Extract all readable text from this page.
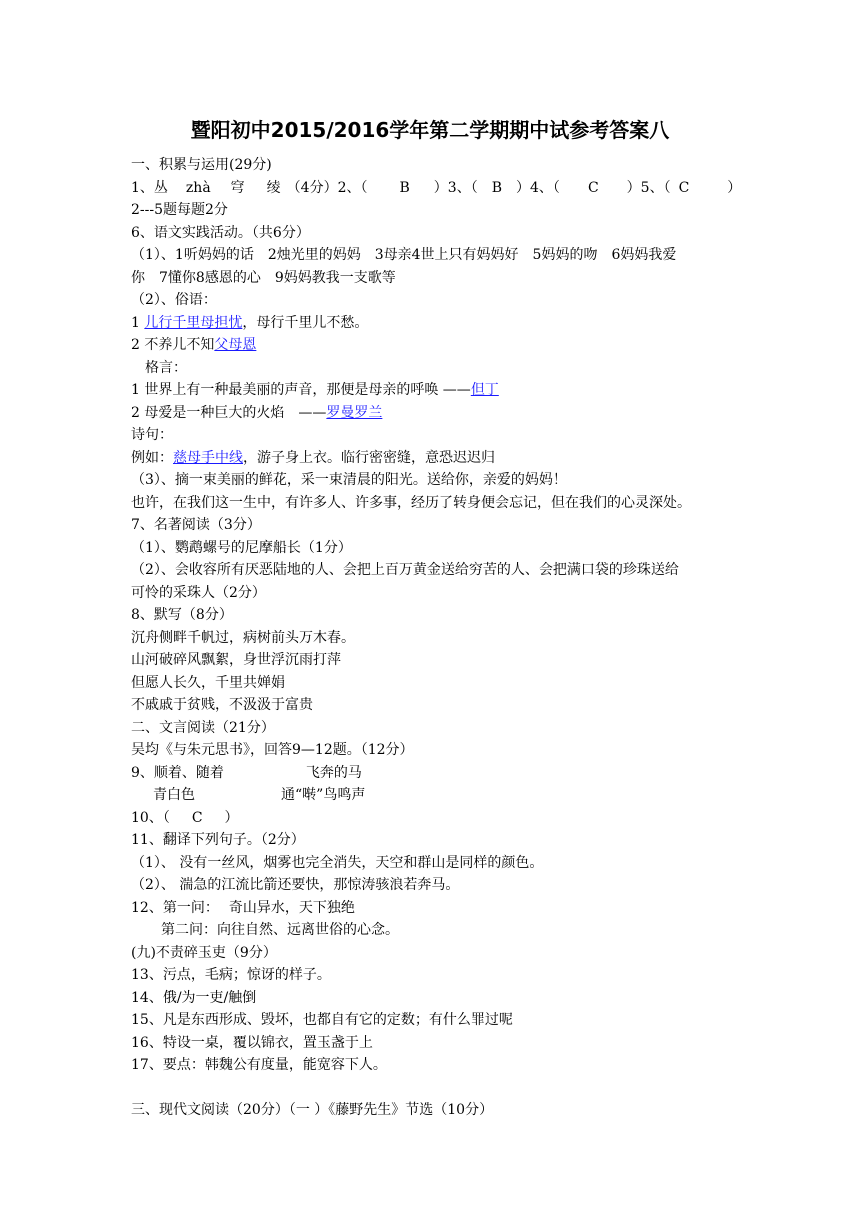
暨阳初中2015/2016学年第二学期期中试参考答案八
一、积累与运用(29分)
1、丛 zhà 穹 绫 （4分）2、（ B ）3、（ B ）4、（ C ）5、（ C	）
2---5题每题2分
6、语文实践活动。（共6分）
（1）、1听妈妈的话　2烛光里的妈妈　3母亲4世上只有妈妈好　5妈妈的吻　6妈妈我爱
你　7懂你8感恩的心　9妈妈教我一支歌等
（2）、俗语：
1 儿行千里母担忧，母行千里儿不愁。
2 不养儿不知父母恩
　格言：
1 世界上有一种最美丽的声音，那便是母亲的呼唤 ——但丁
2 母爱是一种巨大的火焰　——罗曼罗兰
诗句：
例如：慈母手中线，游子身上衣。临行密密缝，意恐迟迟归
（3）、摘一束美丽的鲜花，采一束清晨的阳光。送给你，亲爱的妈妈！
也许，在我们这一生中，有许多人、许多事，经历了转身便会忘记，但在我们的心灵深处。
7、名著阅读（3分）
（1）、鹦鹉螺号的尼摩船长（1分）
（2）、会收容所有厌恶陆地的人、会把上百万黄金送给穷苦的人、会把满口袋的珍珠送给
可怜的采珠人（2分）
8、默写（8分）
沉舟侧畔千帆过，病树前头万木春。
山河破碎风飘絮，身世浮沉雨打萍
但愿人长久，千里共婵娟
不戚戚于贫贱，不汲汲于富贵
二、文言阅读（21分）
吴均《与朱元思书》，回答9—12题。（12分）
9、顺着、随着	飞奔的马
青白色	通“啭”鸟鸣声
10、（ C ）
11、翻译下列句子。（2分）
（1）、 没有一丝风，烟雾也完全消失，天空和群山是同样的颜色。
（2）、 湍急的江流比箭还要快，那惊涛骇浪若奔马。
12、第一问： 奇山异水，天下独绝
第二问：向往自然、远离世俗的心念。
(九)不责碎玉吏（9分）
13、污点，毛病；惊讶的样子。
14、俄/为一吏/触倒
15、凡是东西形成、毁坏，也都自有它的定数；有什么罪过呢
16、特设一桌，覆以锦衣，置玉盏于上
17、要点：韩魏公有度量，能宽容下人。
三、现代文阅读（20分）（一 ）《藤野先生》节选（10分）
